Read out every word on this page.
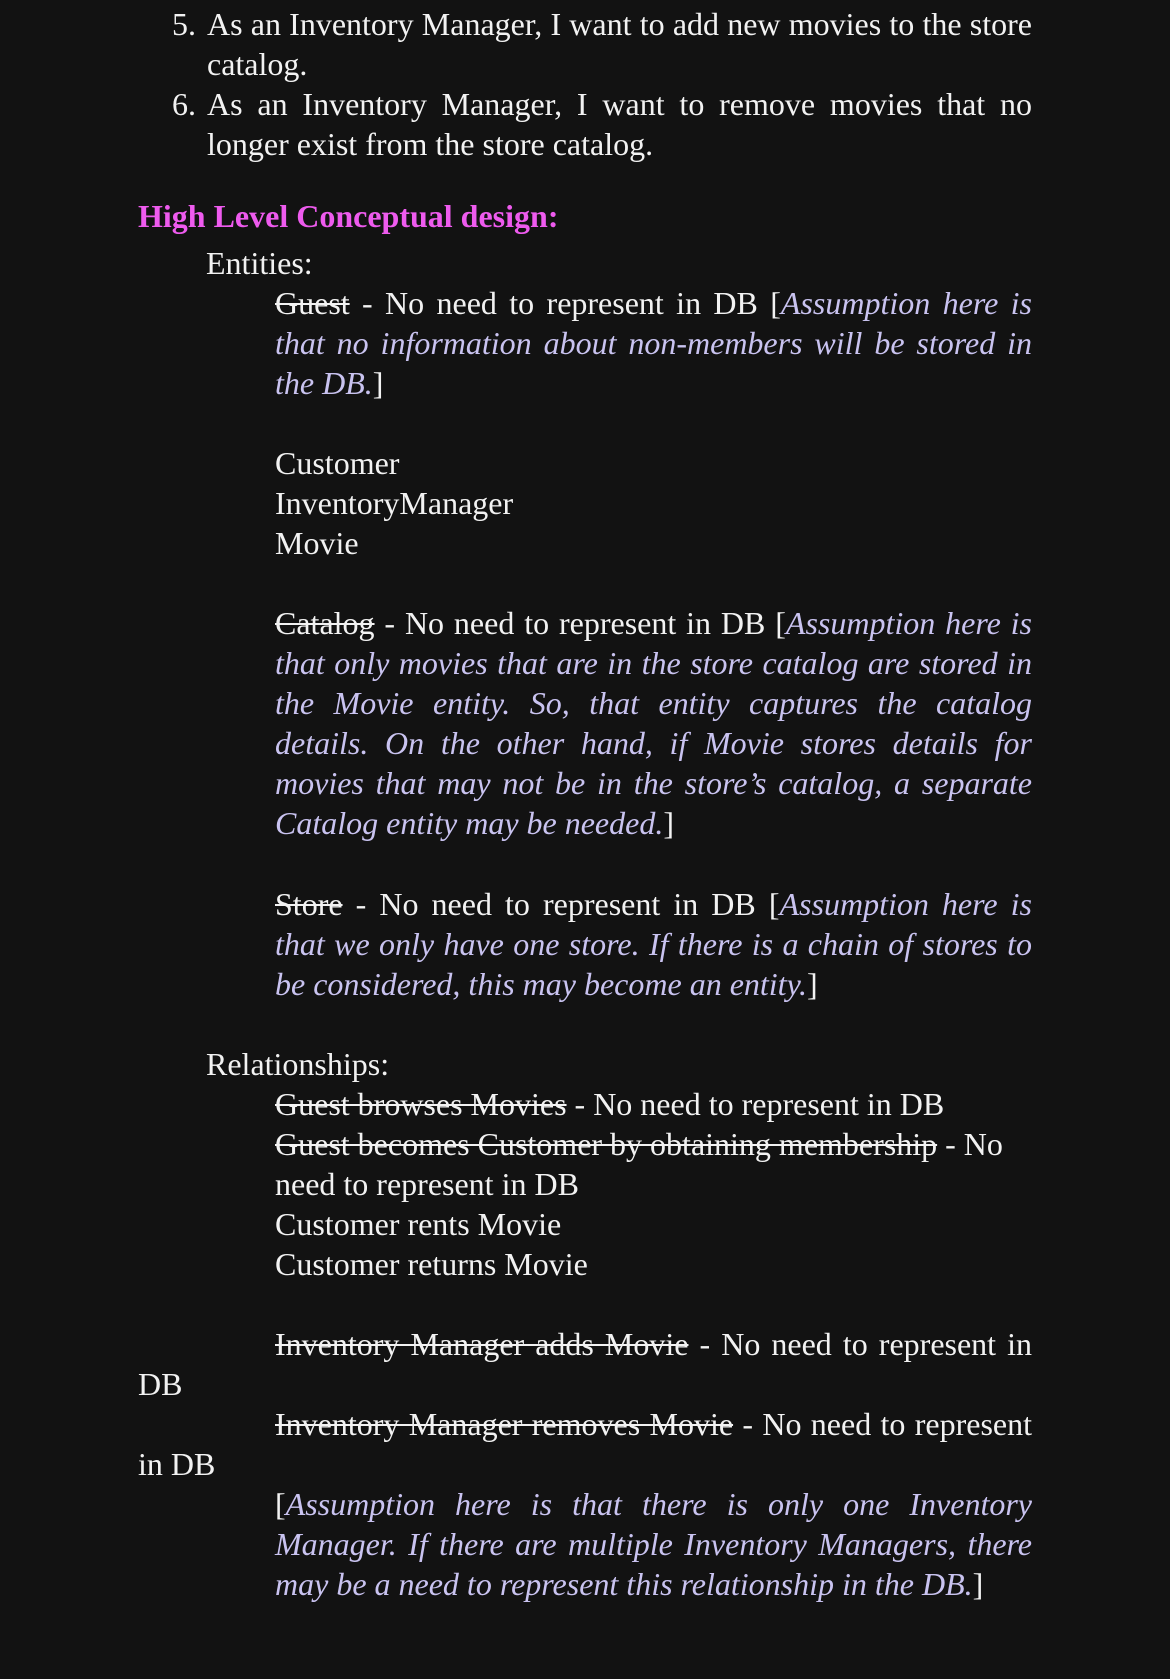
5. As an Inventory Manager, I want to add new movies to the store catalog.
6. As an Inventory Manager, I want to remove movies that no longer exist from the store catalog.
High Level Conceptual design:
Entities:

Guest - No need to represent in DB [Assumption here is that no information about non-members will be stored in the DB.]

Customer
InventoryManager
Movie

Catalog - No need to represent in DB [Assumption here is that only movies that are in the store catalog are stored in the Movie entity. So, that entity captures the catalog details. On the other hand, if Movie stores details for movies that may not be in the store’s catalog, a separate Catalog entity may be needed.]

Store - No need to represent in DB [Assumption here is that we only have one store. If there is a chain of stores to be considered, this may become an entity.]

Relationships:
Guest browses Movies - No need to represent in DB

Guest becomes Customer by obtaining membership - No need to represent in DB

Customer rents Movie
Customer returns Movie

Inventory Manager adds Movie - No need to represent in DB

Inventory Manager removes Movie - No need to represent in DB

[Assumption here is that there is only one Inventory Manager. If there are multiple Inventory Managers, there may be a need to represent this relationship in the DB.]
